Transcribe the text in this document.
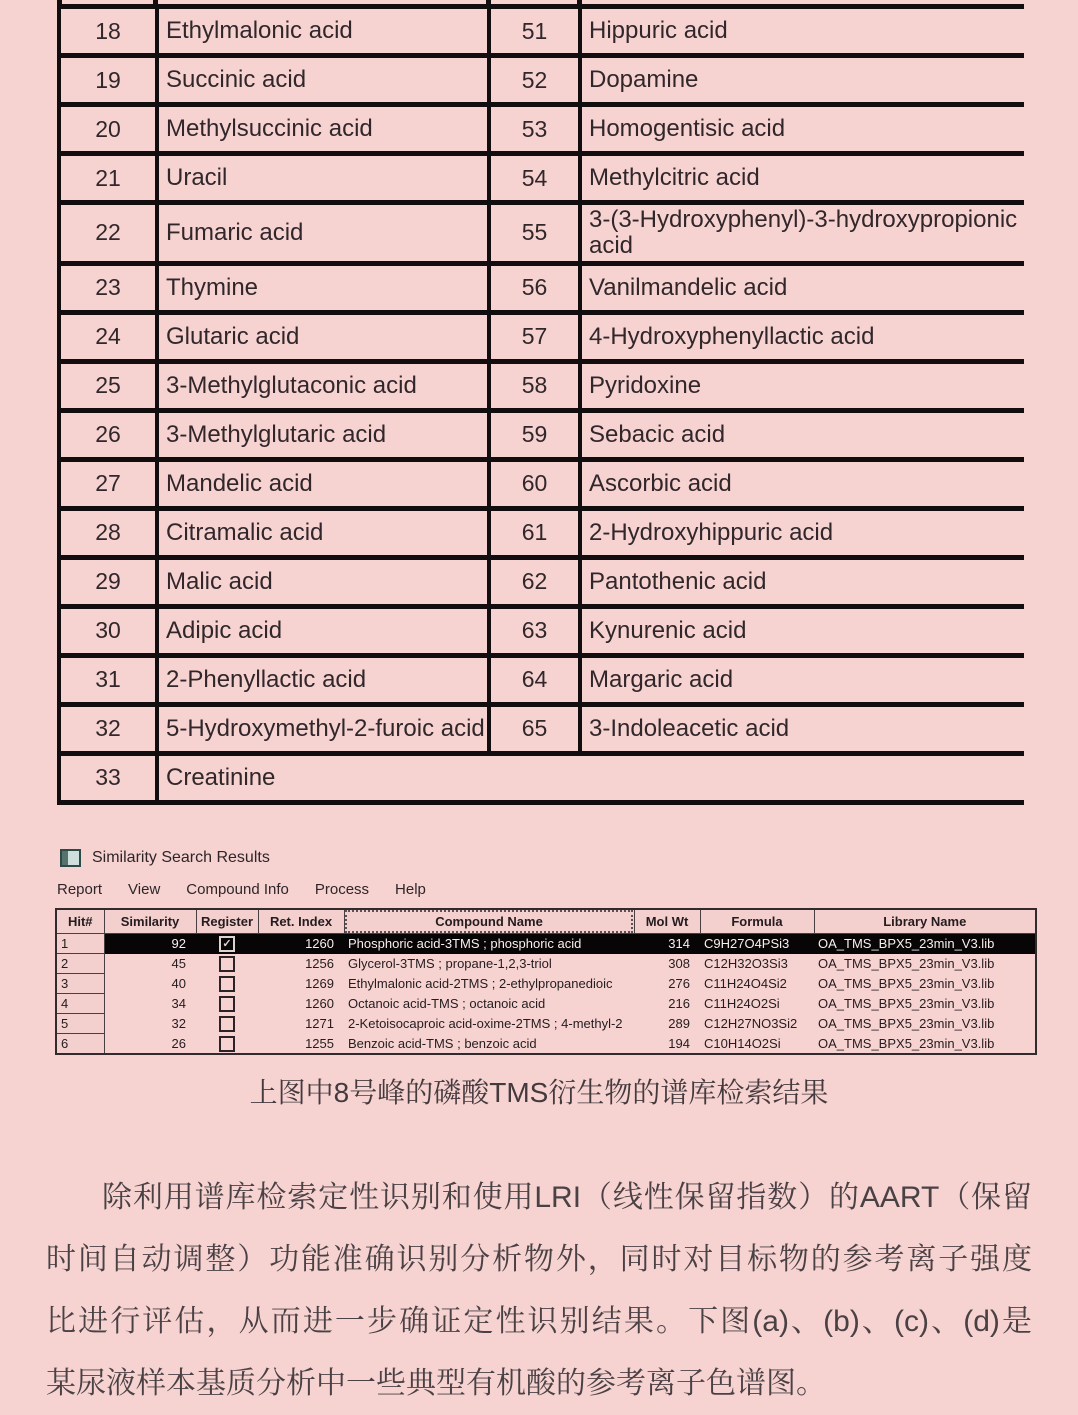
18	Ethylmalonic acid	51	Hippuric acid
19	Succinic acid	52	Dopamine
20	Methylsuccinic acid	53	Homogentisic acid
21	Uracil	54	Methylcitric acid
22	Fumaric acid	55	3-(3-Hydroxyphenyl)-3-hydroxypropionic acid
23	Thymine	56	Vanilmandelic acid
24	Glutaric acid	57	4-Hydroxyphenyllactic acid
25	3-Methylglutaconic acid	58	Pyridoxine
26	3-Methylglutaric acid	59	Sebacic acid
27	Mandelic acid	60	Ascorbic acid
28	Citramalic acid	61	2-Hydroxyhippuric acid
29	Malic acid	62	Pantothenic acid
30	Adipic acid	63	Kynurenic acid
31	2-Phenyllactic acid	64	Margaric acid
32	5-Hydroxymethyl-2-furoic acid	65	3-Indoleacetic acid
33	Creatinine		
Similarity Search Results
Report View Compound Info Process Help
Hit#	Similarity	Register	Ret. Index	Compound Name	Mol Wt	Formula	Library Name
1	92	✓	1260	Phosphoric acid-3TMS ; phosphoric acid	314	C9H27O4PSi3	OA_TMS_BPX5_23min_V3.lib
2	45		1256	Glycerol-3TMS ; propane-1,2,3-triol	308	C12H32O3Si3	OA_TMS_BPX5_23min_V3.lib
3	40		1269	Ethylmalonic acid-2TMS ; 2-ethylpropanedioic	276	C11H24O4Si2	OA_TMS_BPX5_23min_V3.lib
4	34		1260	Octanoic acid-TMS ; octanoic acid	216	C11H24O2Si	OA_TMS_BPX5_23min_V3.lib
5	32		1271	2-Ketoisocaproic acid-oxime-2TMS ; 4-methyl-2	289	C12H27NO3Si2	OA_TMS_BPX5_23min_V3.lib
6	26		1255	Benzoic acid-TMS ; benzoic acid	194	C10H14O2Si	OA_TMS_BPX5_23min_V3.lib
上图中8号峰的磷酸TMS衍生物的谱库检索结果
除利用谱库检索定性识别和使用LRI（线性保留指数）的AART（保留
时间自动调整）功能准确识别分析物外，同时对目标物的参考离子强度
比进行评估，从而进一步确证定性识别结果。下图(a)、(b)、(c)、(d)是
某尿液样本基质分析中一些典型有机酸的参考离子色谱图。
